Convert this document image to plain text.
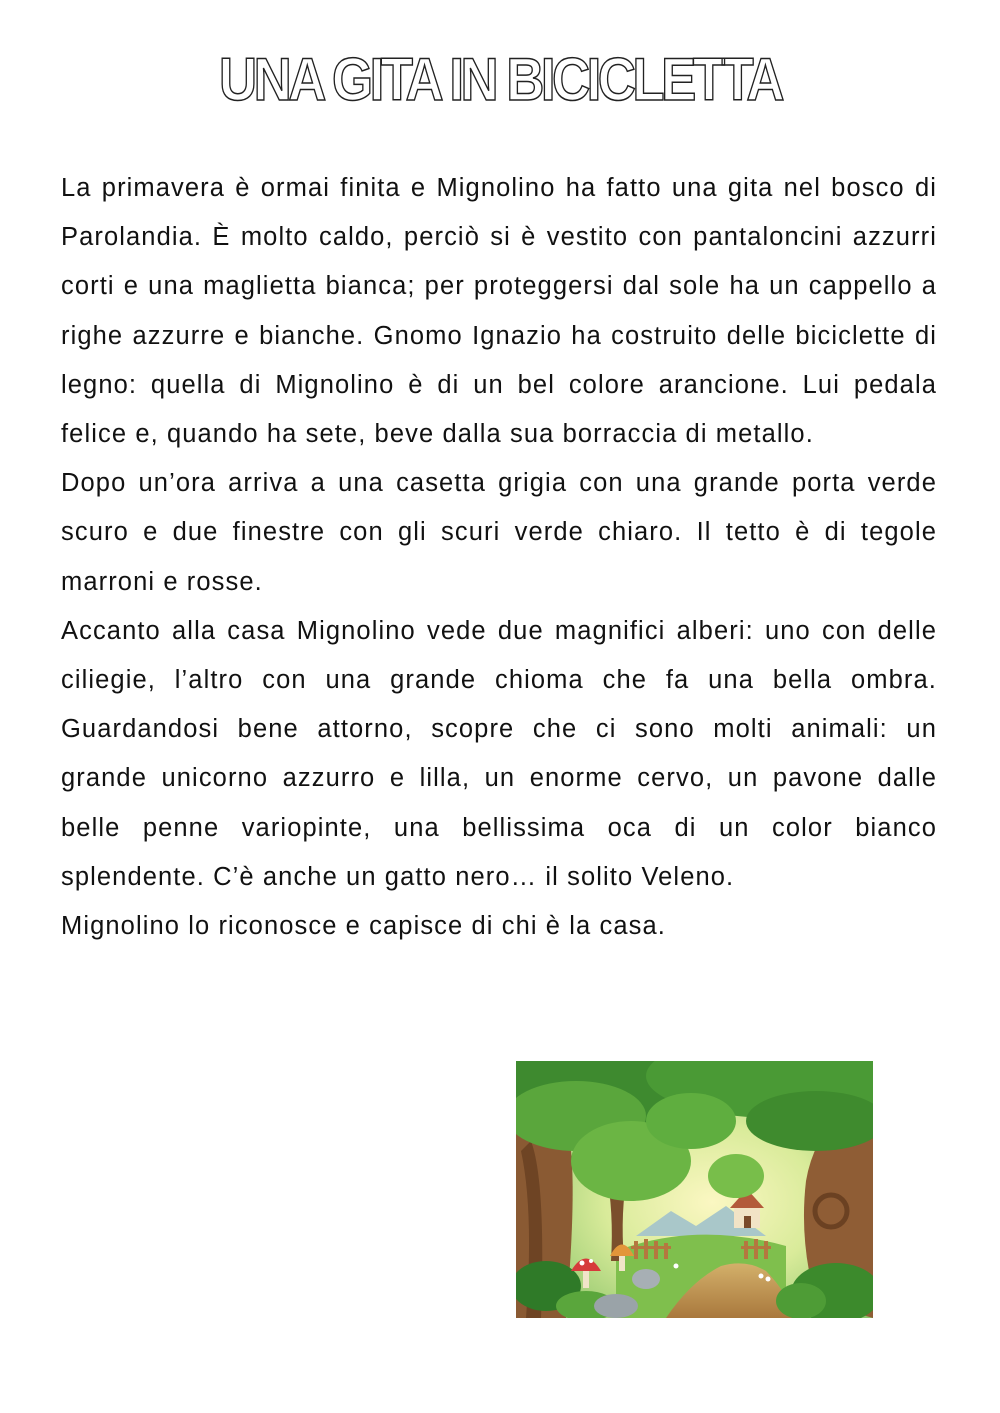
UNA GITA IN BICICLETTA

La primavera è ormai finita e Mignolino ha fatto una gita nel bosco di Parolandia. È molto caldo, perciò si è vestito con pantaloncini azzurri corti e una maglietta bianca; per proteggersi dal sole ha un cappello a righe azzurre e bianche. Gnomo Ignazio ha costruito delle biciclette di legno: quella di Mignolino è di un bel colore arancione. Lui pedala felice e, quando ha sete, beve dalla sua borraccia di metallo.

Dopo un’ora arriva a una casetta grigia con una grande porta verde scuro e due finestre con gli scuri verde chiaro. Il tetto è di tegole marroni e rosse.

Accanto alla casa Mignolino vede due magnifici alberi: uno con delle ciliegie, l’altro con una grande chioma che fa una bella ombra. Guardandosi bene attorno, scopre che ci sono molti animali: un grande unicorno azzurro e lilla, un enorme cervo, un pavone dalle belle penne variopinte, una bellissima oca di un color bianco splendente. C’è anche un gatto nero… il solito Veleno.

Mignolino lo riconosce e capisce di chi è la casa.
